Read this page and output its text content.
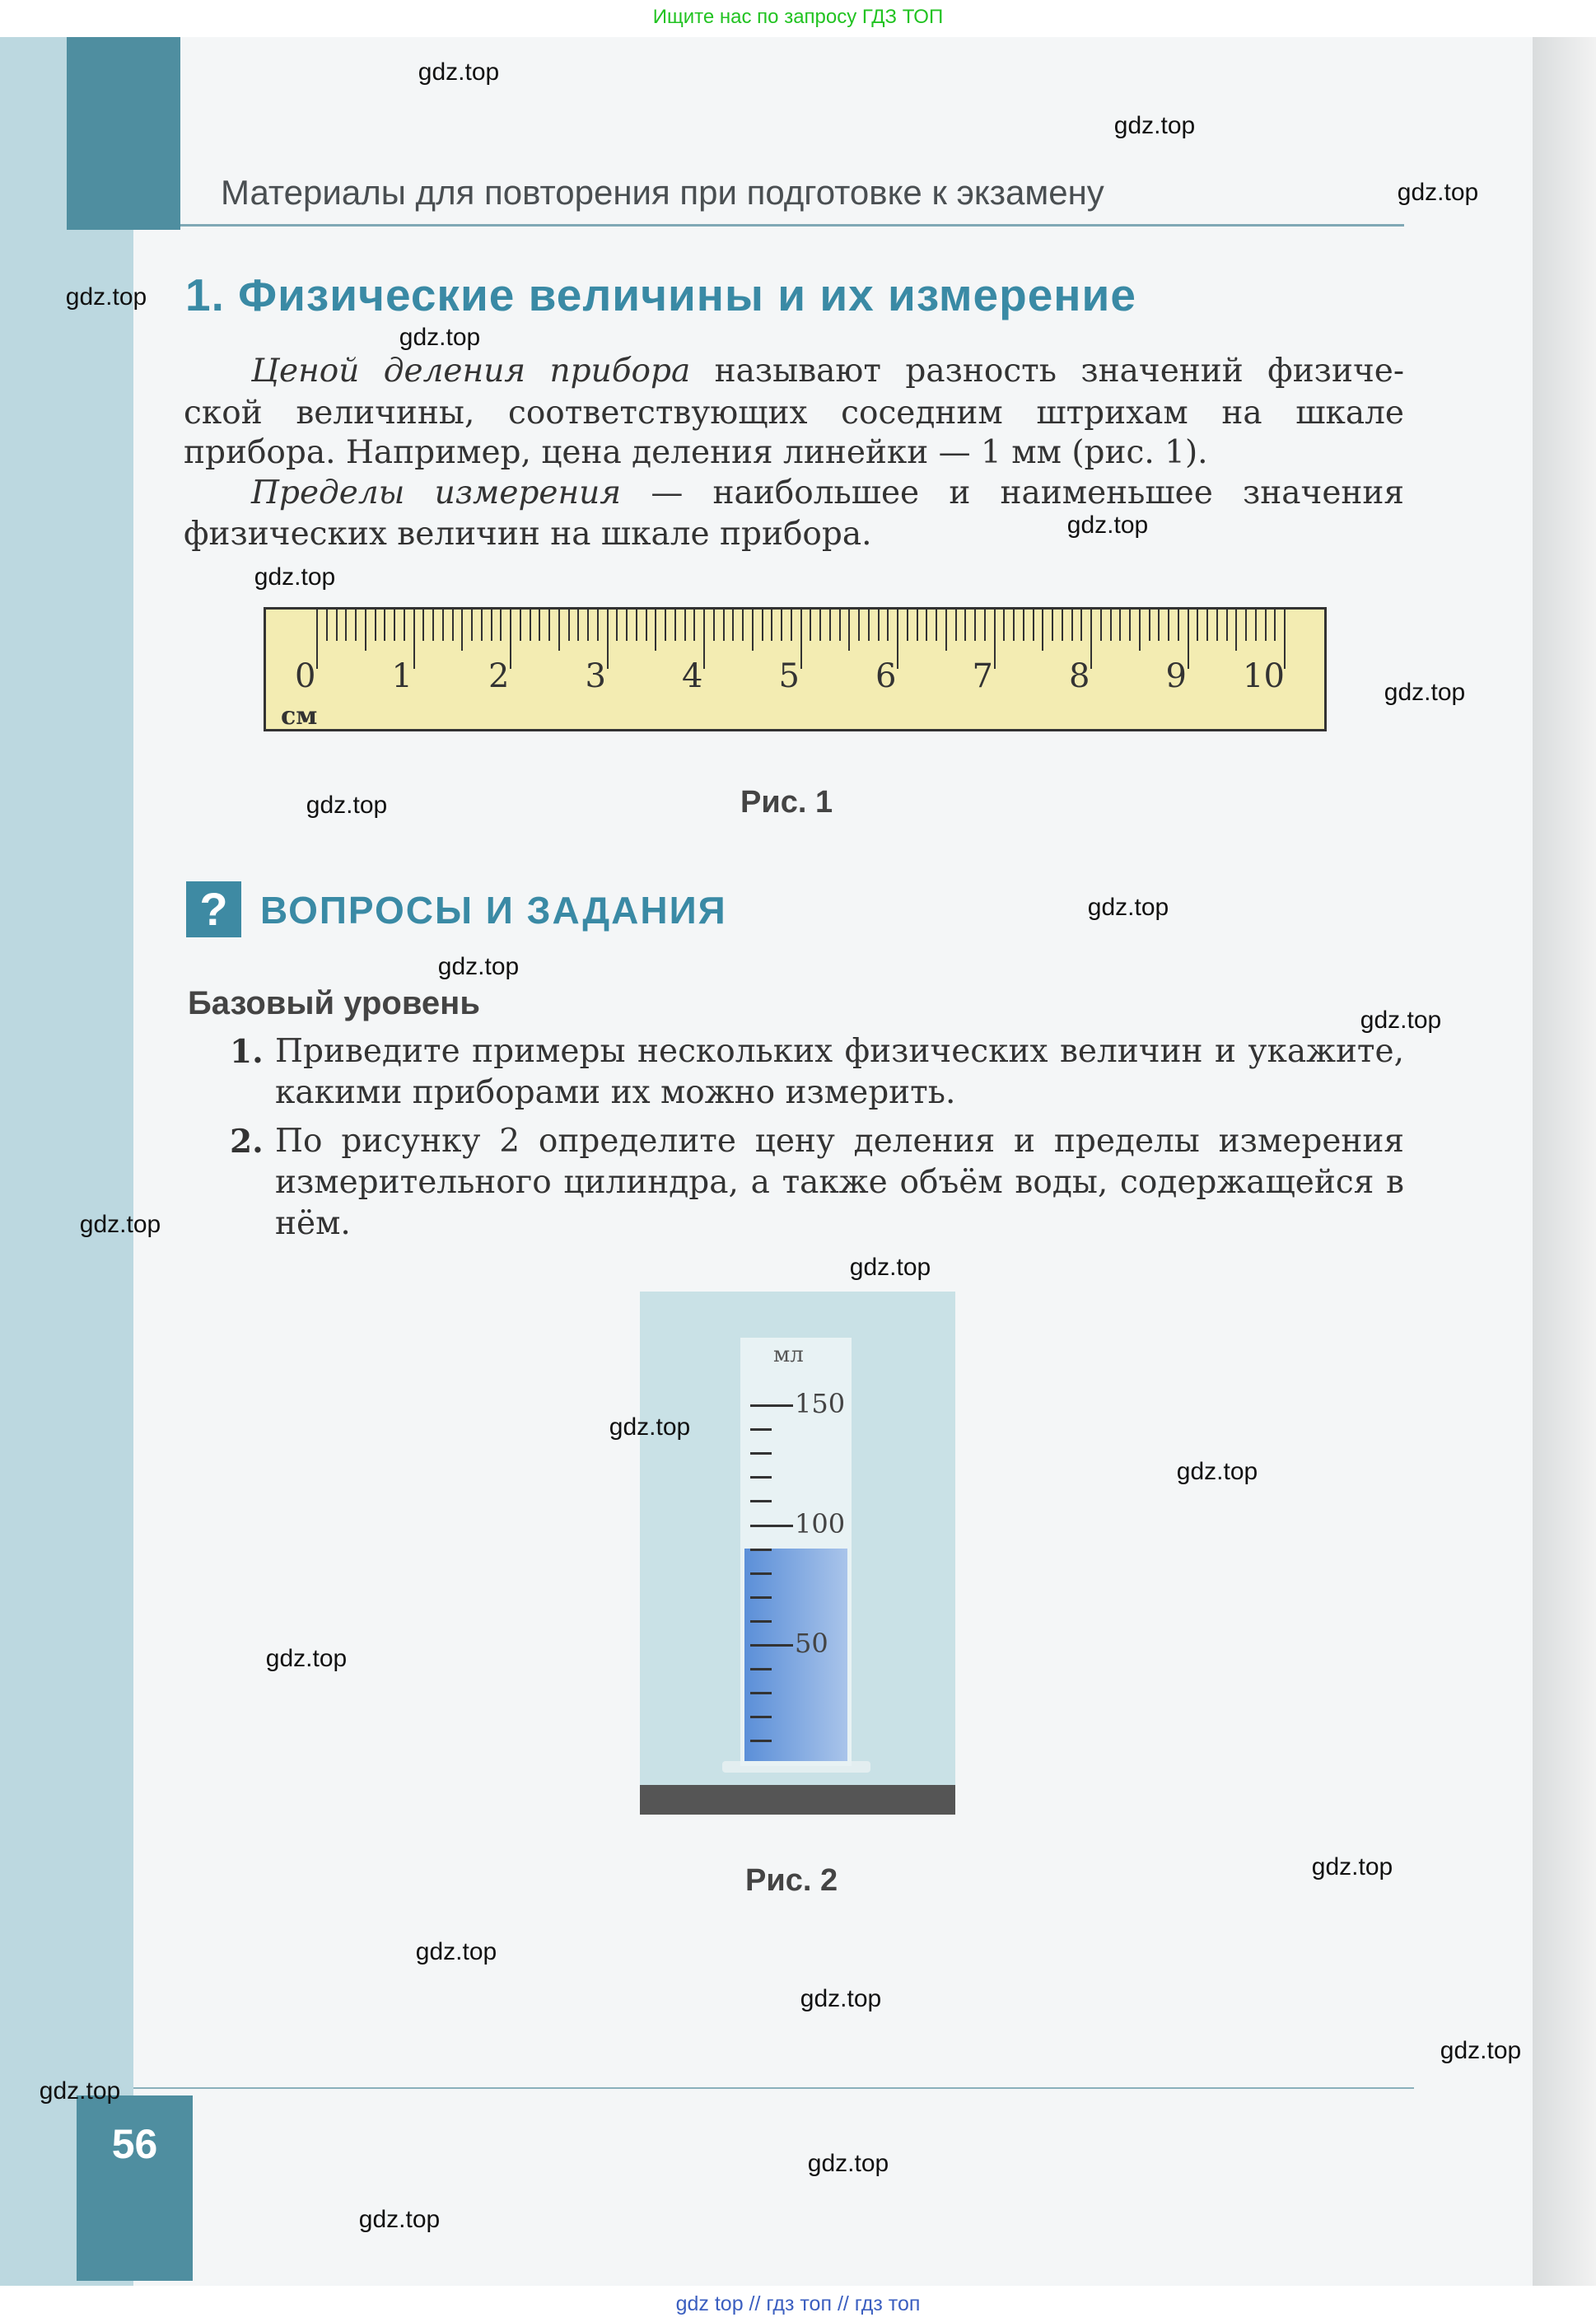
Ищите нас по запросу ГДЗ ТОП
Материалы для повторения при подготовке к экзамену
1. Физические величины и их измерение
Ценой деления прибора называют разность значений физиче-
ской величины, соответствующих соседним штрихам на шкале
прибора. Например, цена деления линейки — 1 мм (рис. 1).
Пределы измерения — наибольшее и наименьшее значения
физических величин на шкале прибора.
0 1 2 3 4 5 6 7 8 9 10
см
Рис. 1
? ВОПРОСЫ И ЗАДАНИЯ
Базовый уровень
1. Приведите примеры нескольких физических величин и укажите, какими приборами их можно измерить.
2. По рисунку 2 определите цену деления и пределы измерения измерительного цилиндра, а также объём воды, содержащейся в нём.
мл
150
100
50
Рис. 2
56
gdz top // гдз топ // гдз топ
gdz.top
gdz.top
gdz.top
gdz.top
gdz.top
gdz.top
gdz.top
gdz.top
gdz.top
gdz.top
gdz.top
gdz.top
gdz.top
gdz.top
gdz.top
gdz.top
gdz.top
gdz.top
gdz.top
gdz.top
gdz.top
gdz.top
gdz.top
gdz.top
